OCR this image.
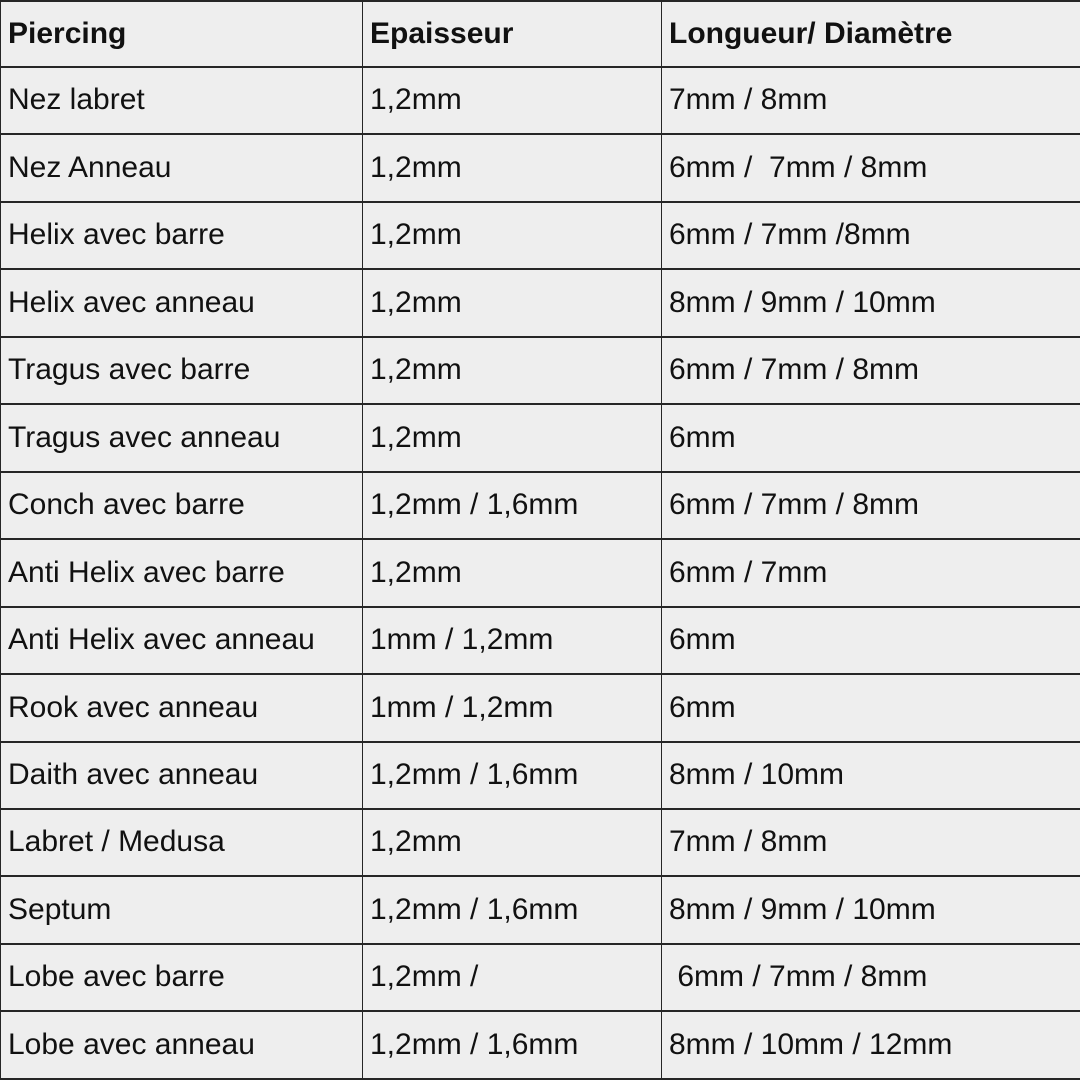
Piercing	Epaisseur	Longueur/ Diamètre
Nez labret	1,2mm	7mm / 8mm
Nez Anneau	1,2mm	6mm /  7mm / 8mm
Helix avec barre	1,2mm	6mm / 7mm /8mm
Helix avec anneau	1,2mm	8mm / 9mm / 10mm
Tragus avec barre	1,2mm	6mm / 7mm / 8mm
Tragus avec anneau	1,2mm	6mm
Conch avec barre	1,2mm / 1,6mm	6mm / 7mm / 8mm
Anti Helix avec barre	1,2mm	6mm / 7mm
Anti Helix avec anneau	1mm / 1,2mm	6mm
Rook avec anneau	1mm / 1,2mm	6mm
Daith avec anneau	1,2mm / 1,6mm	8mm / 10mm
Labret / Medusa	1,2mm	7mm / 8mm
Septum	1,2mm / 1,6mm	8mm / 9mm / 10mm
Lobe avec barre	1,2mm /	6mm / 7mm / 8mm
Lobe avec anneau	1,2mm / 1,6mm	8mm / 10mm / 12mm
